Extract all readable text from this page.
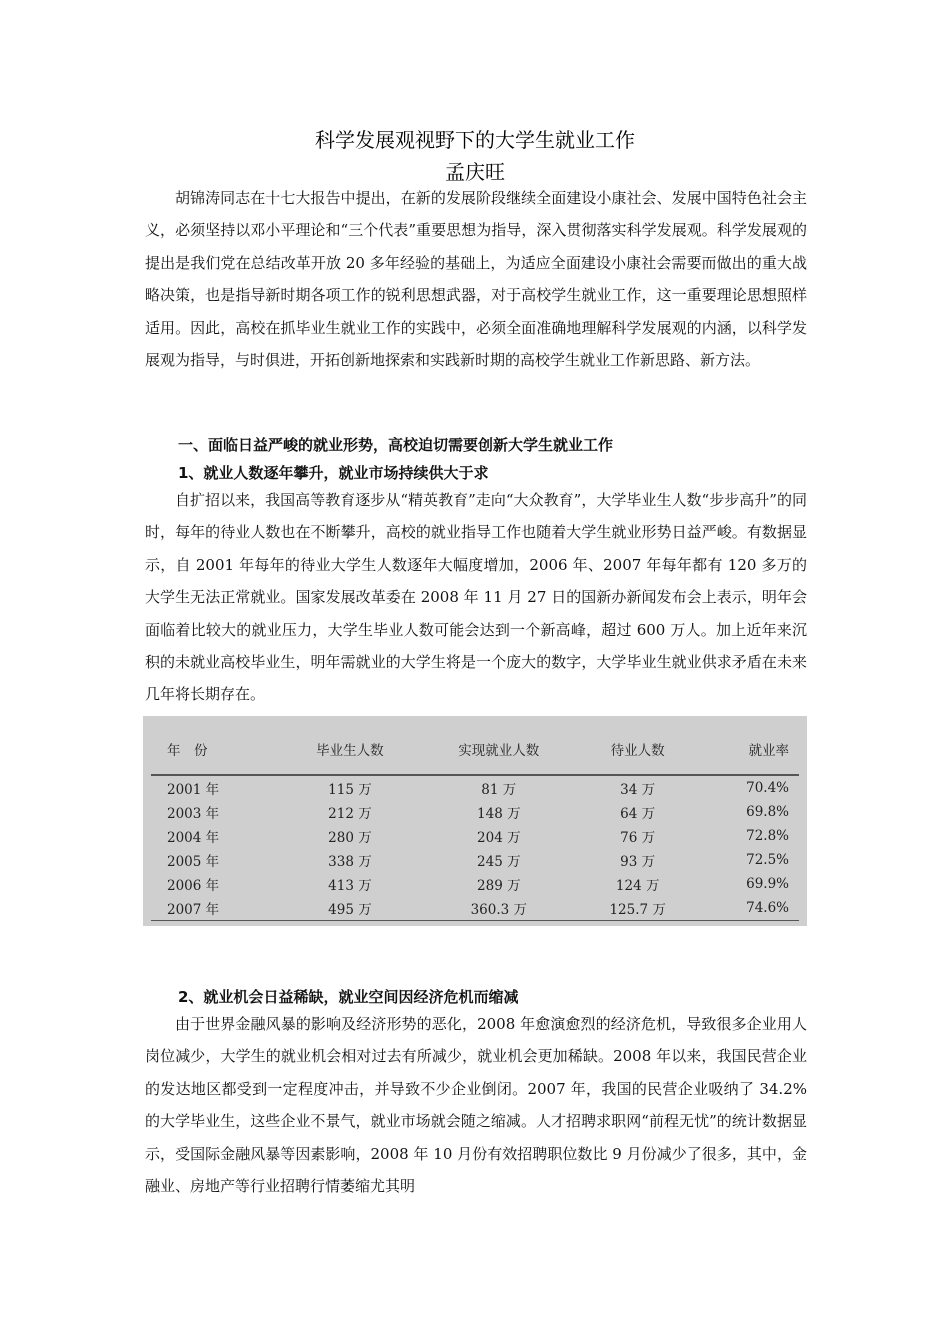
科学发展观视野下的大学生就业工作
孟庆旺

胡锦涛同志在十七大报告中提出，在新的发展阶段继续全面建设小康社会、发展中国特色社会主义，必须坚持以邓小平理论和“三个代表”重要思想为指导，深入贯彻落实科学发展观。科学发展观的提出是我们党在总结改革开放 20 多年经验的基础上，为适应全面建设小康社会需要而做出的重大战略决策，也是指导新时期各项工作的锐利思想武器，对于高校学生就业工作，这一重要理论思想照样适用。因此，高校在抓毕业生就业工作的实践中，必须全面准确地理解科学发展观的内涵，以科学发展观为指导，与时俱进，开拓创新地探索和实践新时期的高校学生就业工作新思路、新方法。

一、面临日益严峻的就业形势，高校迫切需要创新大学生就业工作
1、就业人数逐年攀升，就业市场持续供大于求

自扩招以来，我国高等教育逐步从“精英教育”走向“大众教育”，大学毕业生人数“步步高升”的同时，每年的待业人数也在不断攀升，高校的就业指导工作也随着大学生就业形势日益严峻。有数据显示，自 2001 年每年的待业大学生人数逐年大幅度增加，2006 年、2007 年每年都有 120 多万的大学生无法正常就业。国家发展改革委在 2008 年 11 月 27 日的国新办新闻发布会上表示，明年会面临着比较大的就业压力，大学生毕业人数可能会达到一个新高峰，超过 600 万人。加上近年来沉积的未就业高校毕业生，明年需就业的大学生将是一个庞大的数字，大学毕业生就业供求矛盾在未来几年将长期存在。

年　份	毕业生人数	实现就业人数	待业人数	就业率
2001 年	115 万	81 万	34 万	70.4%
2003 年	212 万	148 万	64 万	69.8%
2004 年	280 万	204 万	76 万	72.8%
2005 年	338 万	245 万	93 万	72.5%
2006 年	413 万	289 万	124 万	69.9%
2007 年	495 万	360.3 万	125.7 万	74.6%
2、就业机会日益稀缺，就业空间因经济危机而缩减

由于世界金融风暴的影响及经济形势的恶化，2008 年愈演愈烈的经济危机，导致很多企业用人岗位减少，大学生的就业机会相对过去有所减少，就业机会更加稀缺。2008 年以来，我国民营企业的发达地区都受到一定程度冲击，并导致不少企业倒闭。2007 年，我国的民营企业吸纳了 34.2%的大学毕业生，这些企业不景气，就业市场就会随之缩减。人才招聘求职网“前程无忧”的统计数据显示，受国际金融风暴等因素影响，2008 年 10 月份有效招聘职位数比 9 月份减少了很多，其中，金融业、房地产等行业招聘行情萎缩尤其明
